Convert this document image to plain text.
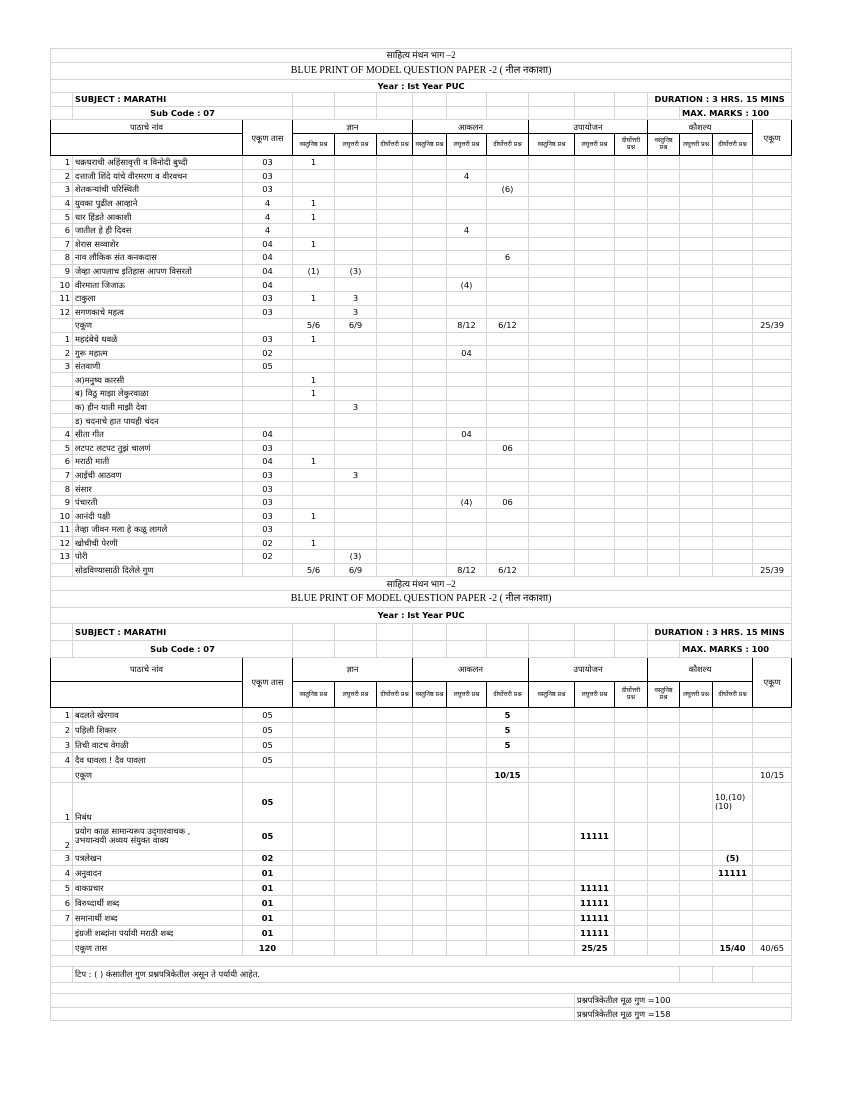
साहित्य मंथन भाग –2															
BLUE PRINT OF MODEL QUESTION PAPER -2 ( नील नकाशा)															
Year : Ist Year PUC															
	SUBJECT : MARATHI											DURATION : 3 HRS. 15 MINS			
	Sub Code : 07												MAX. MARKS : 100		
पाठाचे नांव		एकूण तास	ज्ञान			आकलन			उपायोजन			कौशल्य			एकूण
			वस्तुनिष्ठ प्रश्न	लघुत्तरी प्रश्न	दीर्घोत्तरी प्रश्न	वस्तुनिष्ठ प्रश्न	लघुत्तरी प्रश्न	दीर्घोत्तरी प्रश्न	वस्तुनिष्ठ प्रश्न	लघुत्तरी प्रश्न	दीर्घोत्तरी प्रश्न	वस्तुनिष्ठ प्रश्न	लघुत्तरी प्रश्न	दीर्घोत्तरी प्रश्न	
1	चक्रधराची अहिंसावृत्ती व विनोदी बुध्दी	03	1												
2	दत्ताजी शिंदे यांचे वीरमरण व वीरवचन	03					4								
3	शेतकऱ्यांची परिस्थिती	03						(6)							
4	युवका पुढील आव्हाने	4	1												
5	धार हिंडते आकाशी	4	1												
6	जातील हे ही दिवस	4					4								
7	शेरास सव्वाशेर	04	1												
8	नाव लौकिक संत कनकदास	04						6							
9	जेव्हा आपलाच इतिहास आपण विसरतो	04	(1)	(3)											
10	वीरमाता जिजाऊ	04					(4)								
11	टाकुला	03	1	3											
12	सगणकाचे महत्व	03		3											
	एकूण		5/6	6/9			8/12	6/12							25/39
1	महदंबेचे धवळे	03	1												
2	गुरू महात्म	02					04								
3	संतवाणी	05													
	अ)मनुष्य कारसी		1												
	ब) विठु माझा लेकुरवाळा		1												
	क) हीन याती माझी देवा			3											
	ड) चदनाचे हात पायही चंदन														
4	सीता गीत	04					04								
5	लटपट लटपट तुझं चालणं	03						06							
6	मराठी माती	04	1												
7	आईची आठवण	03		3											
8	संसार	03													
9	पंचारती	03					(4)	06							
10	आनंदी पक्षी	03	1												
11	तेव्हा जीवन मला हे कळू लागले	03													
12	खोचीची पेरणी	02	1												
13	पोरी	02		(3)											
	सोडविण्यासाठी दिलेले गुण		5/6	6/9			8/12	6/12							25/39
साहित्य मंथन भाग –2															
BLUE PRINT OF MODEL QUESTION PAPER -2 ( नील नकाशा)															
Year : Ist Year PUC															
	SUBJECT : MARATHI											DURATION : 3 HRS. 15 MINS			
	Sub Code : 07												MAX. MARKS : 100		
पाठाचे नांव		एकूण तास	ज्ञान			आकलन			उपायोजन			कौशल्य			एकूण
			वस्तुनिष्ठ प्रश्न	लघुत्तरी प्रश्न	दीर्घोत्तरी प्रश्न	वस्तुनिष्ठ प्रश्न	लघुत्तरी प्रश्न	दीर्घोत्तरी प्रश्न	वस्तुनिष्ठ प्रश्न	लघुत्तरी प्रश्न	दीर्घोत्तरी प्रश्न	वस्तुनिष्ठ प्रश्न	लघुत्तरी प्रश्न	दीर्घोत्तरी प्रश्न	
1	बदलते खेरगाव	05						5							
2	पहिली शिकार	05						5							
3	तिची वाटच वेगळी	05						5							
4	दैव धावला ! दैव पावला	05													
	एकूण							10/15							10/15
1	निबंध	05												10,(10)
(10)	
2	प्रयोग काळ सामान्यरूप उद्‌गारवाचक ,
उभयान्वयी अव्यय संयुक्त वाक्य	05								11111					
3	पत्रलेखन	02												(5)	
4	अनुवादन	01												11111	
5	वाकप्रचार	01								11111					
6	विरुध्दार्थी शब्द	01								11111					
7	समानार्थी शब्द	01								11111					
	इंग्रजी शब्दांना पर्यायी मराठी शब्द	01								11111					
	एकूण तास	120								25/25				15/40	40/65

	टिप : ( ) कंसातील गुण प्रश्नपत्रिकेतील असून ते पर्यायी आहेत.														

										प्रश्नपत्रिकेतील मूळ गुण =100					
										प्रश्नपत्रिकेतील मूळ गुण =158					
